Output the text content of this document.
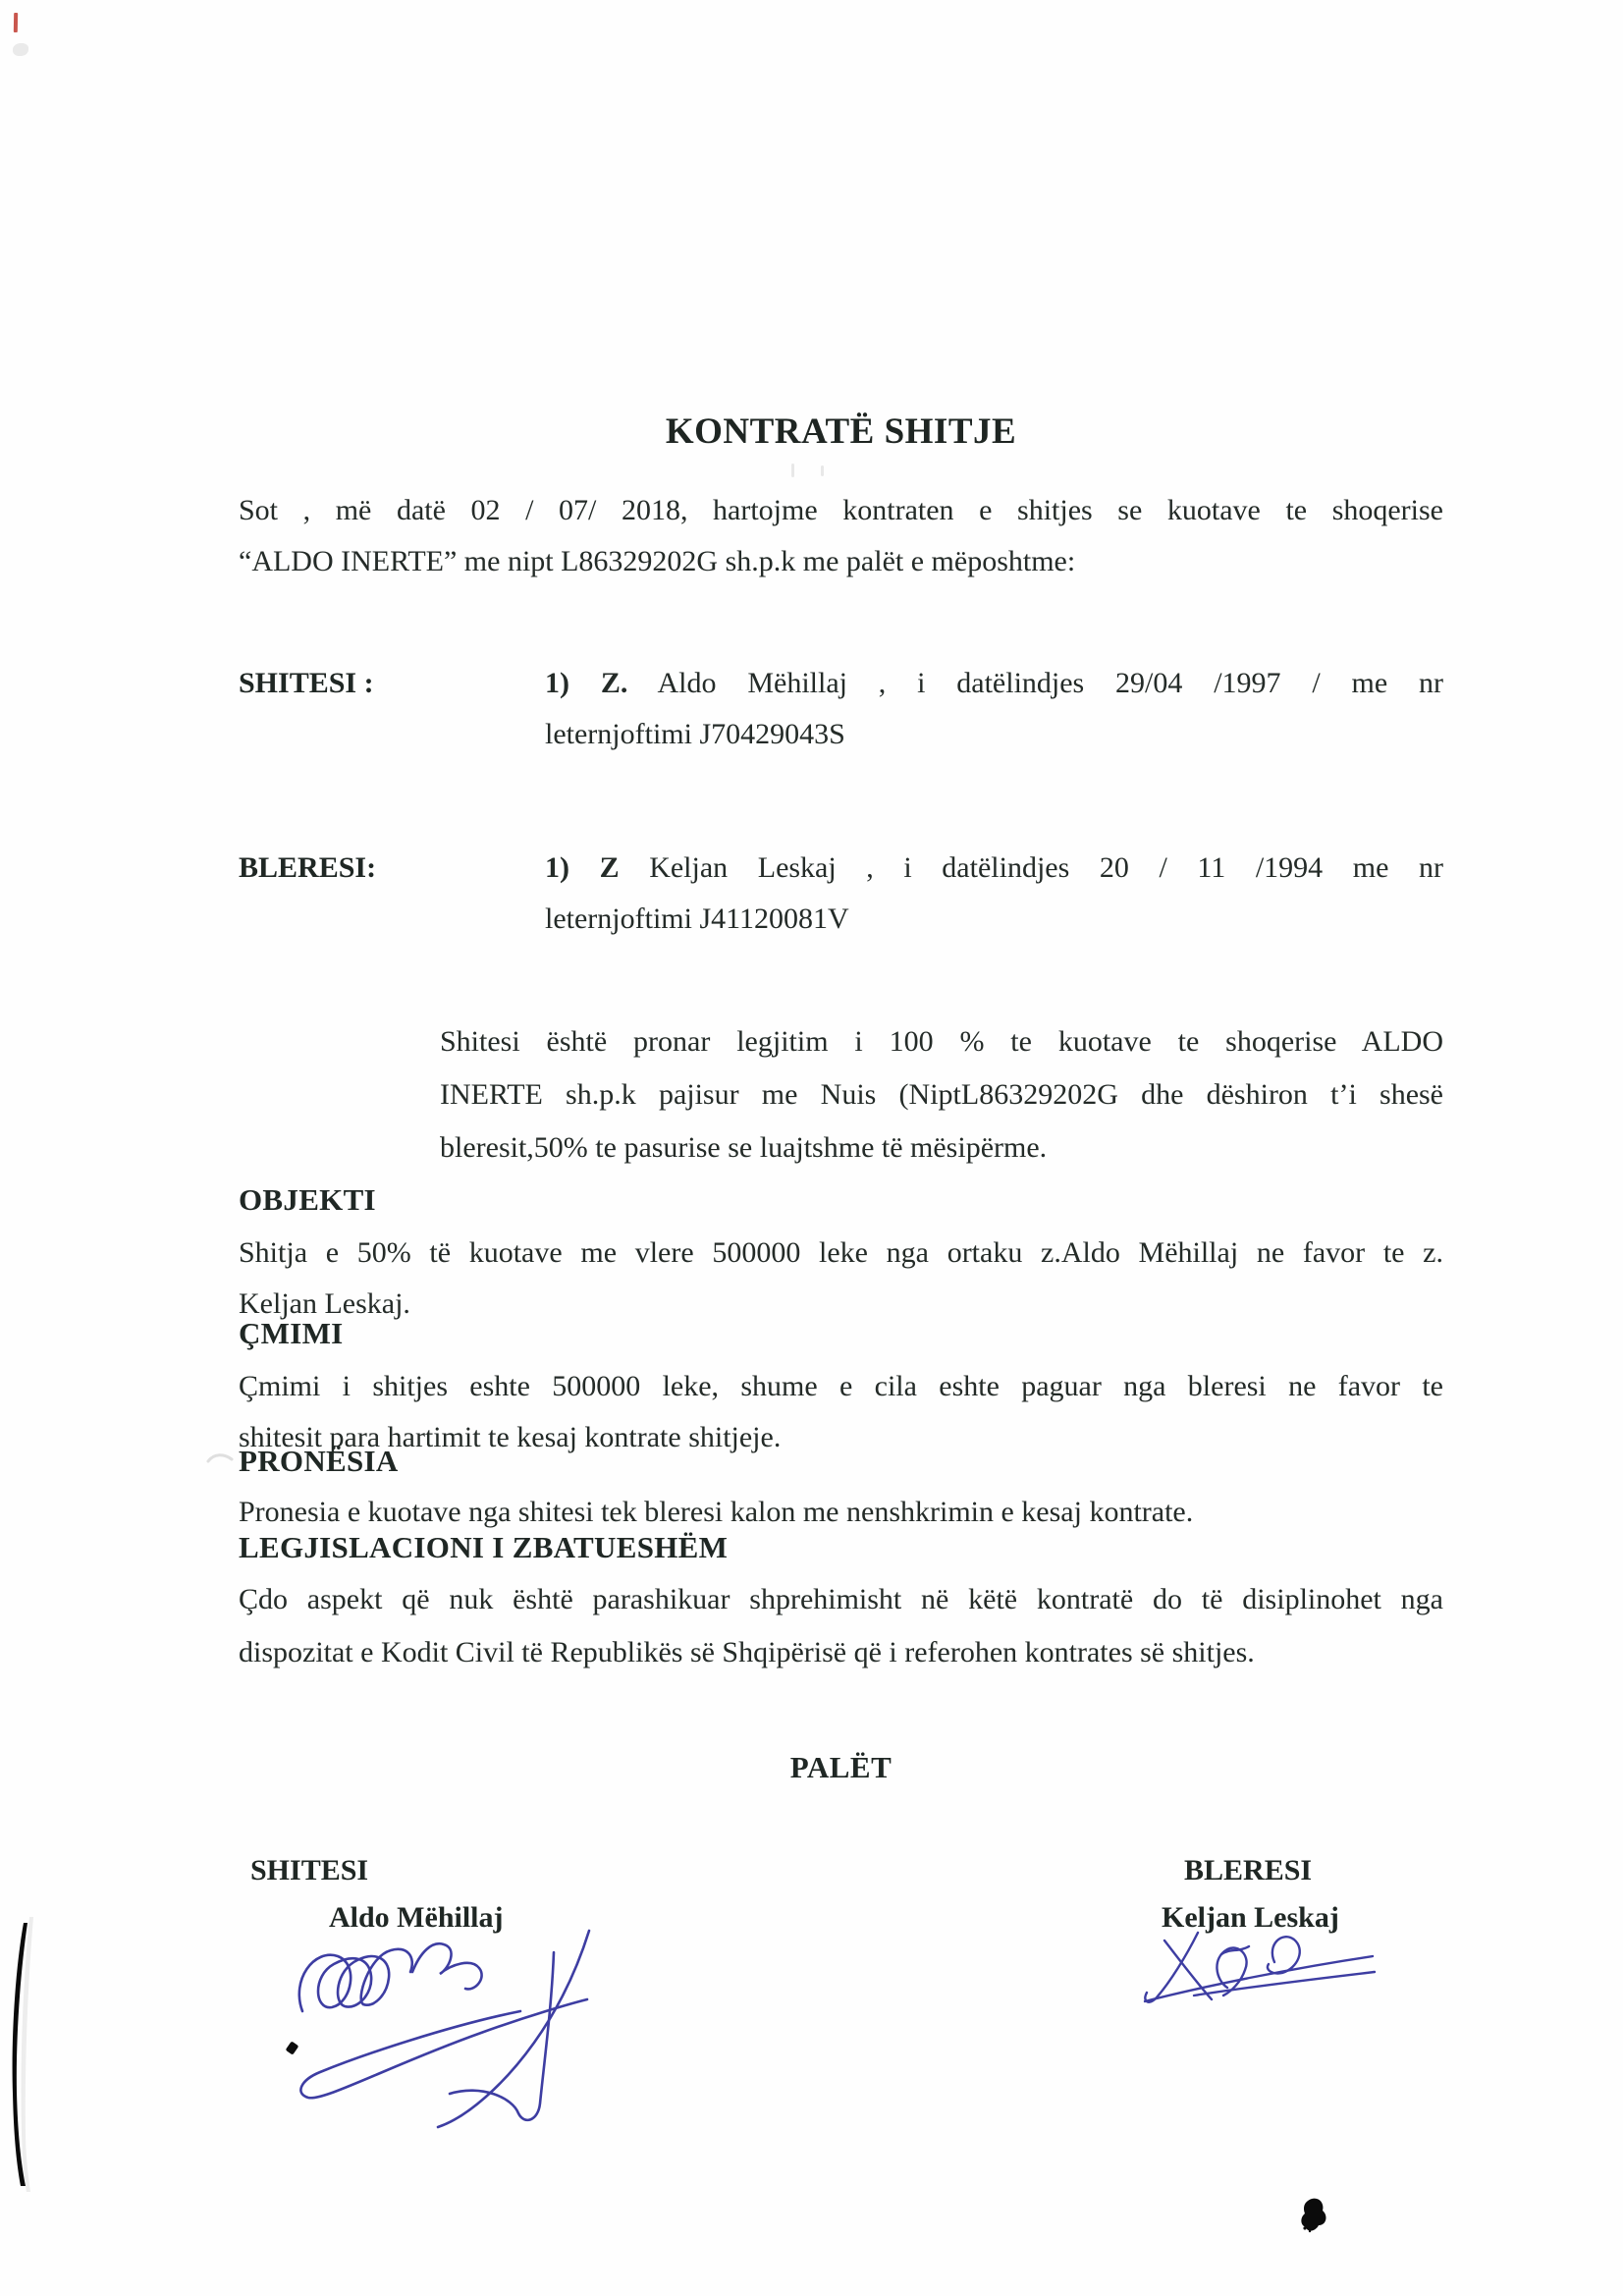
KONTRATË SHITJE
Sot , më datë 02 / 07/ 2018, hartojme kontraten e shitjes se kuotave te shoqerise
“ALDO INERTE” me nipt L86329202G sh.p.k me palët e mëposhtme:
SHITESI :	1) Z. Aldo Mëhillaj , i datëlindjes 29/04 /1997 / me nr
leternjoftimi J70429043S
BLERESI:	1) Z Keljan Leskaj , i datëlindjes 20 / 11 /1994 me nr
leternjoftimi J41120081V
Shitesi është pronar legjitim i 100 % te kuotave te shoqerise ALDO
INERTE sh.p.k pajisur me Nuis (NiptL86329202G dhe dëshiron t’i shesë
bleresit,50% te pasurise se luajtshme të mësipërme.
OBJEKTI
Shitja e 50% të kuotave me vlere 500000 leke nga ortaku z.Aldo Mëhillaj ne favor te z.
Keljan Leskaj.
ÇMIMI
Çmimi i shitjes eshte 500000 leke, shume e cila eshte paguar nga bleresi ne favor te
shitesit para hartimit te kesaj kontrate shitjeje.
PRONËSIA
Pronesia e kuotave nga shitesi tek bleresi kalon me nenshkrimin e kesaj kontrate.
LEGJISLACIONI I ZBATUESHËM
Çdo aspekt që nuk është parashikuar shprehimisht në këtë kontratë do të disiplinohet nga
dispozitat e Kodit Civil të Republikës së Shqipërisë që i referohen kontrates së shitjes.
PALËT
SHITESI
Aldo Mëhillaj
BLERESI
Keljan Leskaj
